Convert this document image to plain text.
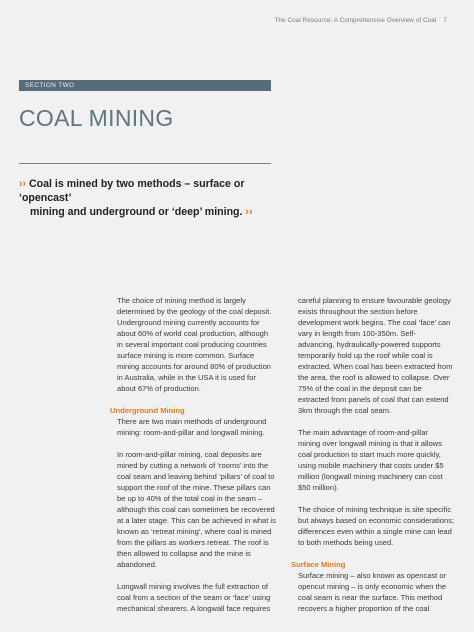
The Coal Resource: A Comprehensive Overview of Coal 7
SECTION TWO
COAL MINING
›› Coal is mined by two methods – surface or ‘opencast’
mining and underground or ‘deep’ mining. ››

The choice of mining method is largely

determined by the geology of the coal deposit.

Underground mining currently accounts for

about 60% of world coal production, although

in several important coal producing countries

surface mining is more common. Surface

mining accounts for around 80% of production

in Australia, while in the USA it is used for

about 67% of production.

Underground Mining

There are two main methods of underground

mining: room-and-pillar and longwall mining.

In room-and-pillar mining, coal deposits are

mined by cutting a network of ‘rooms’ into the

coal seam and leaving behind ‘pillars’ of coal to

support the roof of the mine. These pillars can

be up to 40% of the total coal in the seam –

although this coal can sometimes be recovered

at a later stage. This can be achieved in what is

known as ‘retreat mining’, where coal is mined

from the pillars as workers retreat. The roof is

then allowed to collapse and the mine is

abandoned.

Longwall mining involves the full extraction of

coal from a section of the seam or ‘face’ using

mechanical shearers. A longwall face requires

careful planning to ensure favourable geology

exists throughout the section before

development work begins. The coal ‘face’ can

vary in length from 100-350m. Self-

advancing, hydraulically-powered supports

temporarily hold up the roof while coal is

extracted. When coal has been extracted from

the area, the roof is allowed to collapse. Over

75% of the coal in the deposit can be

extracted from panels of coal that can extend

3km through the coal seam.

The main advantage of room-and-pillar

mining over longwall mining is that it allows

coal production to start much more quickly,

using mobile machinery that costs under $5

million (longwall mining machinery can cost

$50 million).

The choice of mining technique is site specific

but always based on economic considerations;

differences even within a single mine can lead

to both methods being used.

Surface Mining

Surface mining – also known as opencast or

opencut mining – is only economic when the

coal seam is near the surface. This method

recovers a higher proportion of the coal
